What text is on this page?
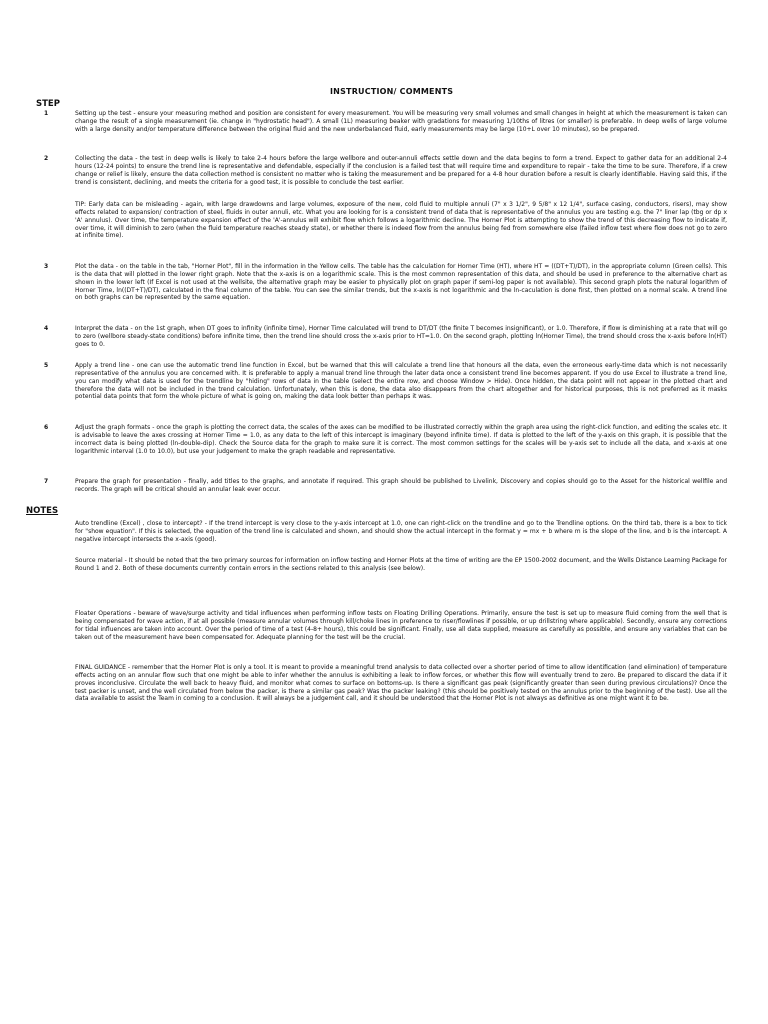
INSTRUCTION/ COMMENTS
STEP
1	Setting up the test - ensure your measuring method and position are consistent for every measurement. You will be measuring very small volumes and small changes in height at which the measurement is taken can change the result of a single measurement (ie. change in "hydrostatic head"). A small (1L) measuring beaker with gradations for measuring 1/10ths of litres (or smaller) is preferable. In deep wells of large volume with a large density and/or temperature difference between the original fluid and the new underbalanced fluid, early measurements may be large (10+L over 10 minutes), so be prepared.

2	Collecting the data - the test in deep wells is likely to take 2-4 hours before the large wellbore and outer-annuli effects settle down and the data begins to form a trend. Expect to gather data for an additional 2-4 hours (12-24 points) to ensure the trend line is representative and defendable, especially if the conclusion is a failed test that will require time and expenditure to repair - take the time to be sure. Therefore, if a crew change or relief is likely, ensure the data collection method is consistent no matter who is taking the measurement and be prepared for a 4-8 hour duration before a result is clearly identifiable. Having said this, if the trend is consistent, declining, and meets the criteria for a good test, it is possible to conclude the test earlier.

TIP: Early data can be misleading - again, with large drawdowns and large volumes, exposure of the new, cold fluid to multiple annuli (7" x 3 1/2", 9 5/8" x 12 1/4", surface casing, conductors, risers), may show effects related to expansion/ contraction of steel, fluids in outer annuli, etc. What you are looking for is a consistent trend of data that is representative of the annulus you are testing e.g. the 7" liner lap (tbg or dp x 'A' annulus). Over time, the temperature expansion effect of the 'A'-annulus will exhibit flow which follows a logarithmic decline. The Horner Plot is attempting to show the trend of this decreasing flow to indicate if, over time, it will diminish to zero (when the fluid temperature reaches steady state), or whether there is indeed flow from the annulus being fed from somewhere else (failed inflow test where flow does not go to zero at infinite time).

3	Plot the data - on the table in the tab, "Horner Plot", fill in the information in the Yellow cells. The table has the calculation for Horner Time (HT), where HT = ((DT+T)/DT), in the appropriate column (Green cells). This is the data that will plotted in the lower right graph. Note that the x-axis is on a logarithmic scale. This is the most common representation of this data, and should be used in preference to the alternative chart as shown in the lower left (If Excel is not used at the wellsite, the alternative graph may be easier to physically plot on graph paper if semi-log paper is not available). This second graph plots the natural logarithm of Horner Time, ln((DT+T)/DT), calculated in the final column of the table. You can see the similar trends, but the x-axis is not logarithmic and the ln-caculation is done first, then plotted on a normal scale. A trend line on both graphs can be represented by the same equation.

4	Interpret the data - on the 1st graph, when DT goes to infinity (infinite time), Horner Time calculated will trend to DT/DT (the finite T becomes insignificant), or 1.0. Therefore, if flow is diminishing at a rate that will go to zero (wellbore steady-state conditions) before infinite time, then the trend line should cross the x-axis prior to HT=1.0. On the second graph, plotting ln(Horner Time), the trend should cross the x-axis before ln(HT) goes to 0.

5	Apply a trend line - one can use the automatic trend line function in Excel, but be warned that this will calculate a trend line that honours all the data, even the erroneous early-time data which is not necessarily representative of the annulus you are concerned with. It is preferable to apply a manual trend line through the later data once a consistent trend line becomes apparent. If you do use Excel to illustrate a trend line, you can modify what data is used for the trendline by "hiding" rows of data in the table (select the entire row, and choose Window > Hide). Once hidden, the data point will not appear in the plotted chart and therefore the data will not be included in the trend calculation. Unfortunately, when this is done, the data also disappears from the chart altogether and for historical purposes, this is not preferred as it masks potential data points that form the whole picture of what is going on, making the data look better than perhaps it was.

6	Adjust the graph formats - once the graph is plotting the correct data, the scales of the axes can be modified to be illustrated correctly within the graph area using the right-click function, and editing the scales etc. It is advisable to leave the axes crossing at Horner Time = 1.0, as any data to the left of this intercept is imaginary (beyond infinite time). If data is plotted to the left of the y-axis on this graph, it is possible that the incorrect data is being plotted (ln-double-dip). Check the Source data for the graph to make sure it is correct. The most common settings for the scales will be y-axis set to include all the data, and x-axis at one logarithmic interval (1.0 to 10.0), but use your judgement to make the graph readable and representative.

7	Prepare the graph for presentation - finally, add titles to the graphs, and annotate if required. This graph should be published to Livelink, Discovery and copies should go to the Asset for the historical wellfile and records. The graph will be critical should an annular leak ever occur.

NOTES

Auto trendline (Excel) , close to intercept? - If the trend intercept is very close to the y-axis intercept at 1.0, one can right-click on the trendline and go to the Trendline options. On the third tab, there is a box to tick for "show equation". If this is selected, the equation of the trend line is calculated and shown, and should show the actual intercept in the format y = mx + b where m is the slope of the line, and b is the intercept. A negative intercept intersects the x-axis (good).

Source material - It should be noted that the two primary sources for information on inflow testing and Horner Plots at the time of writing are the EP 1500-2002 document, and the Wells Distance Learning Package for Round 1 and 2. Both of these documents currently contain errors in the sections related to this analysis (see below).

Floater Operations - beware of wave/surge activity and tidal influences when performing inflow tests on Floating Drilling Operations. Primarily, ensure the test is set up to measure fluid coming from the well that is being compensated for wave action, if at all possible (measure annular volumes through kill/choke lines in preference to riser/flowlines if possible, or up drillstring where applicable). Secondly, ensure any corrections for tidal influences are taken into account. Over the period of time of a test (4-8+ hours), this could be significant. Finally, use all data supplied, measure as carefully as possible, and ensure any variables that can be taken out of the measurement have been compensated for. Adequate planning for the test will be the crucial.

FINAL GUIDANCE - remember that the Horner Plot is only a tool. It is meant to provide a meaningful trend analysis to data collected over a shorter period of time to allow identification (and elimination) of temperature effects acting on an annular flow such that one might be able to infer whether the annulus is exhibiting a leak to inflow forces, or whether this flow will eventually trend to zero. Be prepared to discard the data if it proves inconclusive. Circulate the well back to heavy fluid, and monitor what comes to surface on bottoms-up. Is there a significant gas peak (significantly greater than seen during previous circulations)? Once the test packer is unset, and the well circulated from below the packer, is there a similar gas peak? Was the packer leaking? (this should be positively tested on the annulus prior to the beginning of the test). Use all the data available to assist the Team in coming to a conclusion. It will always be a judgement call, and it should be understood that the Horner Plot is not always as definitive as one might want it to be.
